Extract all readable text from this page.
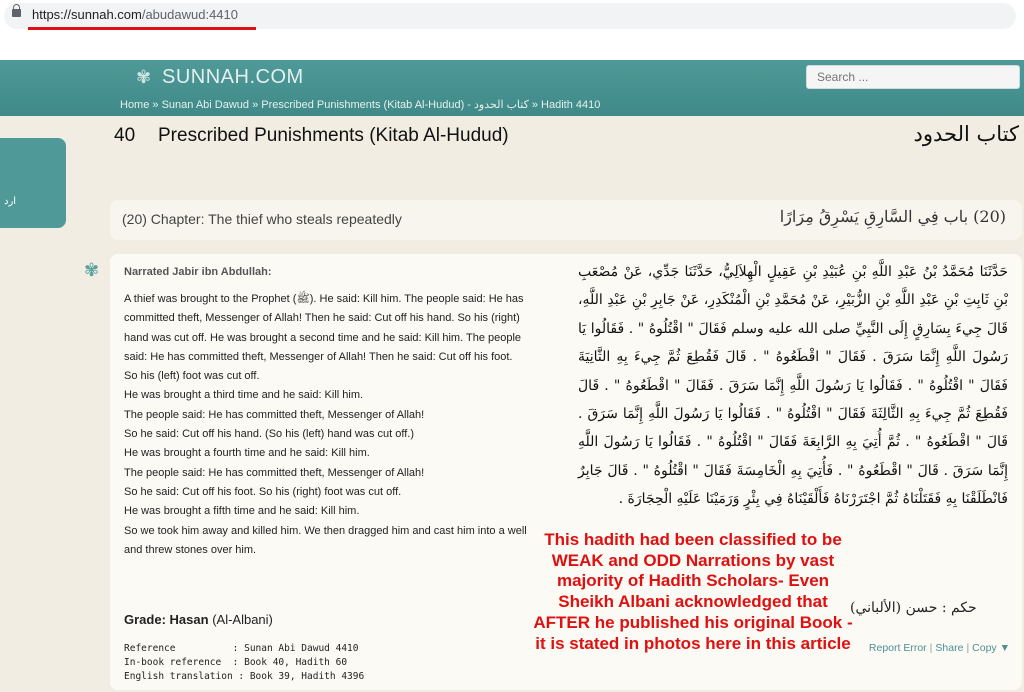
https://sunnah.com/abudawud:4410
✾ SUNNAH.COM
Search ...
Home » Sunan Abi Dawud » Prescribed Punishments (Kitab Al-Hudud) - كتاب الحدود » Hadith 4410
ارد
40 Prescribed Punishments (Kitab Al-Hudud)	كتاب الحدود
(20) Chapter: The thief who steals repeatedly	(20) باب فِي السَّارِقِ يَسْرِقُ مِرَارًا
✾ Narrated Jabir ibn Abdullah:

A thief was brought to the Prophet (ﷺ). He said: Kill him. The people said: He has committed theft, Messenger of Allah! Then he said: Cut off his hand. So his (right) hand was cut off. He was brought a second time and he said: Kill him. The people said: He has committed theft, Messenger of Allah! Then he said: Cut off his foot.

So his (left) foot was cut off.

He was brought a third time and he said: Kill him.

The people said: He has committed theft, Messenger of Allah!

So he said: Cut off his hand. (So his (left) hand was cut off.)

He was brought a fourth time and he said: Kill him.

The people said: He has committed theft, Messenger of Allah!

So he said: Cut off his foot. So his (right) foot was cut off.

He was brought a fifth time and he said: Kill him.

So we took him away and killed him. We then dragged him and cast him into a well and threw stones over him.

حَدَّثَنَا مُحَمَّدُ بْنُ عَبْدِ اللَّهِ بْنِ عُبَيْدِ بْنِ عَقِيلٍ الْهِلاَلِيُّ، حَدَّثَنَا جَدِّي، عَنْ مُصْعَبِ بْنِ ثَابِتِ بْنِ عَبْدِ اللَّهِ بْنِ الزُّبَيْرِ، عَنْ مُحَمَّدِ بْنِ الْمُنْكَدِرِ، عَنْ جَابِرِ بْنِ عَبْدِ اللَّهِ، قَالَ جِيءَ بِسَارِقٍ إِلَى النَّبِيِّ صلى الله عليه وسلم فَقَالَ " اقْتُلُوهُ " . فَقَالُوا يَا رَسُولَ اللَّهِ إِنَّمَا سَرَقَ . فَقَالَ " اقْطَعُوهُ " . قَالَ فَقُطِعَ ثُمَّ جِيءَ بِهِ الثَّانِيَةَ فَقَالَ " اقْتُلُوهُ " . فَقَالُوا يَا رَسُولَ اللَّهِ إِنَّمَا سَرَقَ . فَقَالَ " اقْطَعُوهُ " . قَالَ فَقُطِعَ ثُمَّ جِيءَ بِهِ الثَّالِثَةَ فَقَالَ " اقْتُلُوهُ " . فَقَالُوا يَا رَسُولَ اللَّهِ إِنَّمَا سَرَقَ . قَالَ " اقْطَعُوهُ " . ثُمَّ أُتِيَ بِهِ الرَّابِعَةَ فَقَالَ " اقْتُلُوهُ " . فَقَالُوا يَا رَسُولَ اللَّهِ إِنَّمَا سَرَقَ . قَالَ " اقْطَعُوهُ " . فَأُتِيَ بِهِ الْخَامِسَةَ فَقَالَ " اقْتُلُوهُ " . قَالَ جَابِرٌ فَانْطَلَقْنَا بِهِ فَقَتَلْنَاهُ ثُمَّ اجْتَرَرْنَاهُ فَأَلْقَيْنَاهُ فِي بِئْرٍ وَرَمَيْنَا عَلَيْهِ الْحِجَارَةَ .
This hadith had been classified to be WEAK and ODD Narrations by vast majority of Hadith Scholars- Even Sheikh Albani acknowledged that AFTER he published his original Book - it is stated in photos here in this article
Grade: Hasan (Al-Albani)
حكم : حسن (الألباني)
Reference          : Sunan Abi Dawud 4410
In-book reference  : Book 40, Hadith 60
English translation : Book 39, Hadith 4396
Report Error | Share | Copy ▼
